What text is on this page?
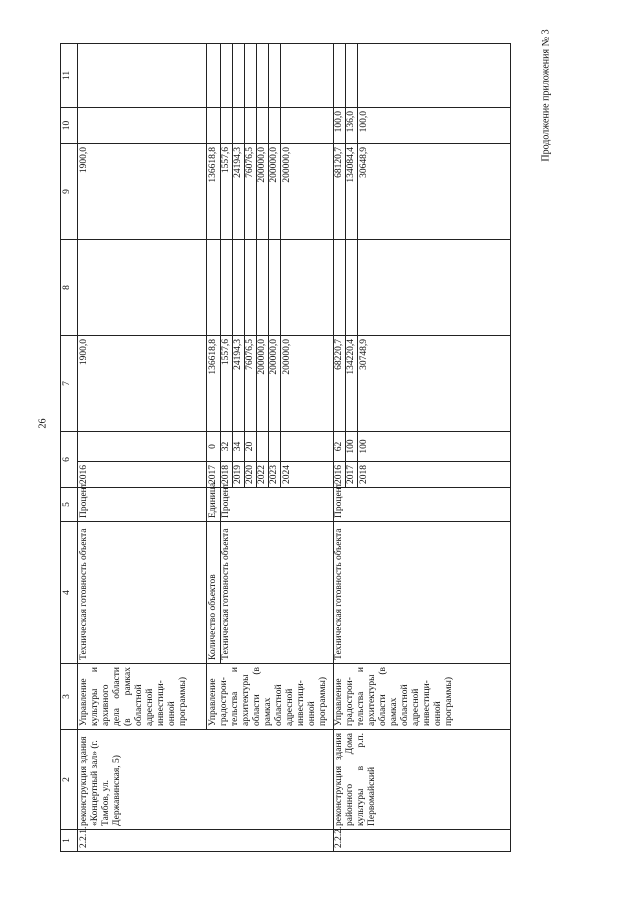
26
Продолжение приложения № 3
1	2	3	4	5	6		7	8	9	10	11
2.2.1.	реконструкция здания «Концертный зал» (г. Тамбов, ул. Державинская, 5)	Управление культуры и архивного дела области (в рамках областной адресной инвестици-онной программы)	Техническая готовность объекта	Процент	2016		1900,0		1900,0		
		Управление градострои-тельства и архитектуры области (в рамках областной адресной инвестици-онной программы)	Количество объектов	Единица	2017	0	136618,8		136618,8		
			Техническая готовность объекта	Процент	2018	32	1557,6		1557,6		
					2019	34	24194,3		24194,3		
					2020	20	76076,5		76076,5		
					2022		200000,0		200000,0		
					2023		200000,0		200000,0		
					2024		200000,0		200000,0		
2.2.2.	реконструкция здания районного Дома культуры в р.п. Первомайский	Управление градострои-тельства и архитектуры области (в рамках областной адресной инвестици-онной программы)	Техническая готовность объекта	Процент	2016	62	68220,7		68120,7	100,0	
					2017	100	134220,4		134084,4	136,0	
					2018	100	30748,9		30648,9	100,0	
